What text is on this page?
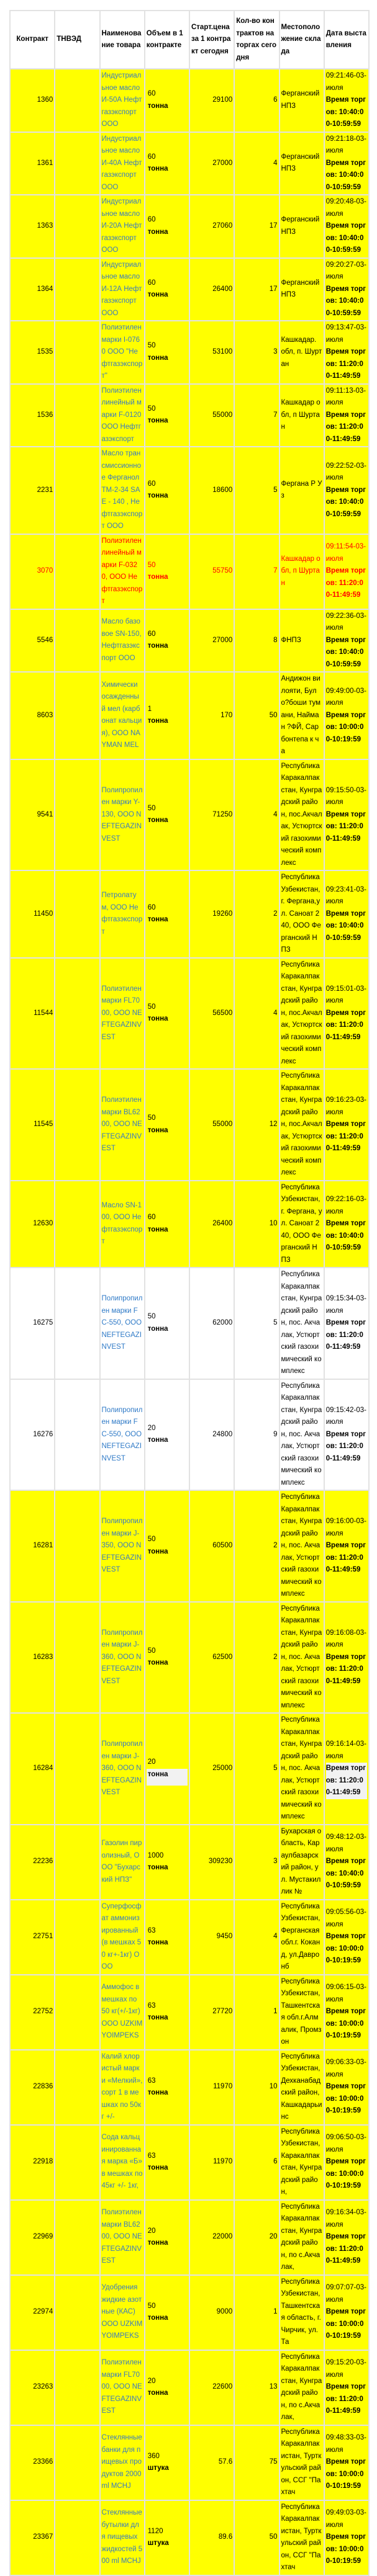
Контракт	ТНВЭД	Наименование товара	Объем в 1 контракте	Старт.цена за 1 контракт сегодня	Кол-во контрактов на торгах сегодня	Местоположение склада	Дата выставления
1360		Индустриальное масло И-50А Нефтгазэкспорт ООО	60
тонна	29100	6	Ферганский НПЗ	09:21:46-03-июля
Время торгов: 10:40:00-10:59:59

1361		Индустриальное масло И-40А Нефтгазэкспорт ООО	60
тонна	27000	4	Ферганский НПЗ	09:21:18-03-июля
Время торгов: 10:40:00-10:59:59

1363		Индустриальное масло И-20А Нефтгазэкспорт ООО	60
тонна	27060	17	Ферганский НПЗ	09:20:48-03-июля
Время торгов: 10:40:00-10:59:59

1364		Индустриальное масло И-12А Нефтгазэкспорт ООО	60
тонна	26400	17	Ферганский НПЗ	09:20:27-03-июля
Время торгов: 10:40:00-10:59:59

1535		Полиэтилен марки I-0760 ООО "Нефтгазэкспорт"	50
тонна	53100	3	Кашкадар. обл, п. Шуртан	09:13:47-03-июля
Время торгов: 11:20:00-11:49:59

1536		Полиэтилен линейный марки F-0120 ООО Нефтгазэкспорт	50
тонна	55000	7	Кашкадар обл, п Шуртан	09:11:13-03-июля
Время торгов: 11:20:00-11:49:59

2231		Масло трансмиссионное Ферганол ТМ-2-34 SAE - 140 , Нефтгазэкспорт ООО	60
тонна	18600	5	Фергана Р Уз	09:22:52-03-июля
Время торгов: 10:40:00-10:59:59

3070		Полиэтилен линейный марки F-0320, ООО Нефтгазэкспорт	50
тонна	55750	7	Кашкадар обл, п Шуртан	09:11:54-03-июля
Время торгов: 11:20:00-11:49:59

5546		Масло базовое SN-150, Нефтгазэкспорт ООО	60
тонна	27000	8	ФНПЗ	09:22:36-03-июля
Время торгов: 10:40:00-10:59:59

8603		Химически осажденный мел (карбонат кальция), ООО NAYMAN MEL	1
тонна	170	50	Андижон вилояти, Було?боши тумани, Найман ?ФЙ, Сарбонтепа к ча	09:49:00-03-июля
Время торгов: 10:00:00-10:19:59

9541		Полипропилен марки Y-130, ООО NEFTEGAZINVEST	50
тонна	71250	4	Республика Каракалпакстан, Кунградский район, пос.Акчалак, Устюртский газохимический комплекс	09:15:50-03-июля
Время торгов: 11:20:00-11:49:59

11450		Петролатум, ООО Нефтгазэкспорт	60
тонна	19260	2	Республика Узбекистан, г. Фергана,ул. Саноат 240, ООО Ферганский НПЗ	09:23:41-03-июля
Время торгов: 10:40:00-10:59:59

11544		Полиэтилен марки FL7000, ООО NEFTEGAZINVEST	50
тонна	56500	4	Республика Каракалпакстан, Кунградский район, пос.Акчалак, Устюртский газохимический комплекс	09:15:01-03-июля
Время торгов: 11:20:00-11:49:59

11545		Полиэтилен марки BL6200, ООО NEFTEGAZINVEST	50
тонна	55000	12	Республика Каракалпакстан, Кунградский район, пос.Акчалак, Устюртский газохимический комплекс	09:16:23-03-июля
Время торгов: 11:20:00-11:49:59

12630		Масло SN-100, ООО Нефтгазэкспорт	60
тонна	26400	10	Республика Узбекистан, г. Фергана, ул. Саноат 240, ООО Ферганский НПЗ	09:22:16-03-июля
Время торгов: 10:40:00-10:59:59

16275		Полипропилен марки FC-550, ООО NEFTEGAZINVEST	50
тонна	62000	5	Республика Каракалпакстан, Кунградский район, пос. Акчалак, Устюртский газохимический комплекс	09:15:34-03-июля
Время торгов: 11:20:00-11:49:59

16276		Полипропилен марки FC-550, ООО NEFTEGAZINVEST	20
тонна	24800	9	Республика Каракалпакстан, Кунградский район, пос. Акчалак, Устюртский газохимический комплекс	09:15:42-03-июля
Время торгов: 11:20:00-11:49:59

16281		Полипропилен марки J-350, ООО NEFTEGAZINVEST	50
тонна	60500	2	Республика Каракалпакстан, Кунградский район, пос. Акчалак, Устюртский газохимический комплекс	09:16:00-03-июля
Время торгов: 11:20:00-11:49:59

16283		Полипропилен марки J-360, ООО NEFTEGAZINVEST	50
тонна	62500	2	Республика Каракалпакстан, Кунградский район, пос. Акчалак, Устюртский газохимический комплекс	09:16:08-03-июля
Время торгов: 11:20:00-11:49:59

16284		Полипропилен марки J-360, ООО NEFTEGAZINVEST	20
тонна	25000	5	Республика Каракалпакстан, Кунградский район, пос. Акчалак, Устюртский газохимический комплекс	09:16:14-03-июля
Время торгов: 11:20:00-11:49:59

22236		Газолин пиролизный, ООО "Бухарский НПЗ"	1000
тонна	309230	3	Бухарская область, Караулбазарский район, ул. Мустакиллик №	09:48:12-03-июля
Время торгов: 10:40:00-10:59:59

22751		Суперфосфат аммонизированный (в мешках 50 кг+-1кг) ООО	63
тонна	9450	4	Республика Узбекистан, Ферганская обл.г. Коканд, ул.Давронб	09:05:56-03-июля
Время торгов: 10:00:00-10:19:59

22752		Аммофос в мешках по 50 кг(+/-1кг) ООО UZKIMYOIMPEKS	63
тонна	27720	1	Республика Узбекистан, Ташкентская обл.г.Алмалик, Промзон	09:06:15-03-июля
Время торгов: 10:00:00-10:19:59

22836		Калий хлористый марки «Мелкий», сорт 1 в мешках по 50кг +/-	63
тонна	11970	10	Республика Узбекистан, Дехканабадский район, Кашкадарьинс	09:06:33-03-июля
Время торгов: 10:00:00-10:19:59

22918		Сода кальцинированная марка «Б» в мешках по 45кг +/- 1кг,	63
тонна	11970	6	Республика Узбекистан, Каракалпакстан, Кунградский район,	09:06:50-03-июля
Время торгов: 10:00:00-10:19:59

22969		Полиэтилен марки BL6200, ООО NEFTEGAZINVEST	20
тонна	22000	20	Республика Каракалпакстан, Кунградский район, по с.Акчалак,	09:16:34-03-июля
Время торгов: 11:20:00-11:49:59

22974		Удобрения жидкие азотные (КАС) ООО UZKIMYOIMPEKS	50
тонна	9000	1	Республика Узбекистан, Ташкентская область, г.Чирчик, ул. Та	09:07:07-03-июля
Время торгов: 10:00:00-10:19:59

23263		Полиэтилен марки FL7000, ООО NEFTEGAZINVEST	20
тонна	22600	13	Республика Каракалпакстан, Кунградский район, по с.Акчалак,	09:15:20-03-июля
Время торгов: 11:20:00-11:49:59

23366		Стеклянные банки для пищевых продуктов 2000 ml MCHJ	360
штука	57.6	75	Республика Каракалпакистан, Турткульский район, ССГ "Пахтач	09:48:33-03-июля
Время торгов: 10:00:00-10:19:59

23367		Стеклянные бутылки для пищевых жидкостей 500 ml MCHJ	1120
штука	89.6	50	Республика Каракалпакистан, Турткульский район, ССГ "Пахтач	09:49:03-03-июля
Время торгов: 10:00:00-10:19:59
